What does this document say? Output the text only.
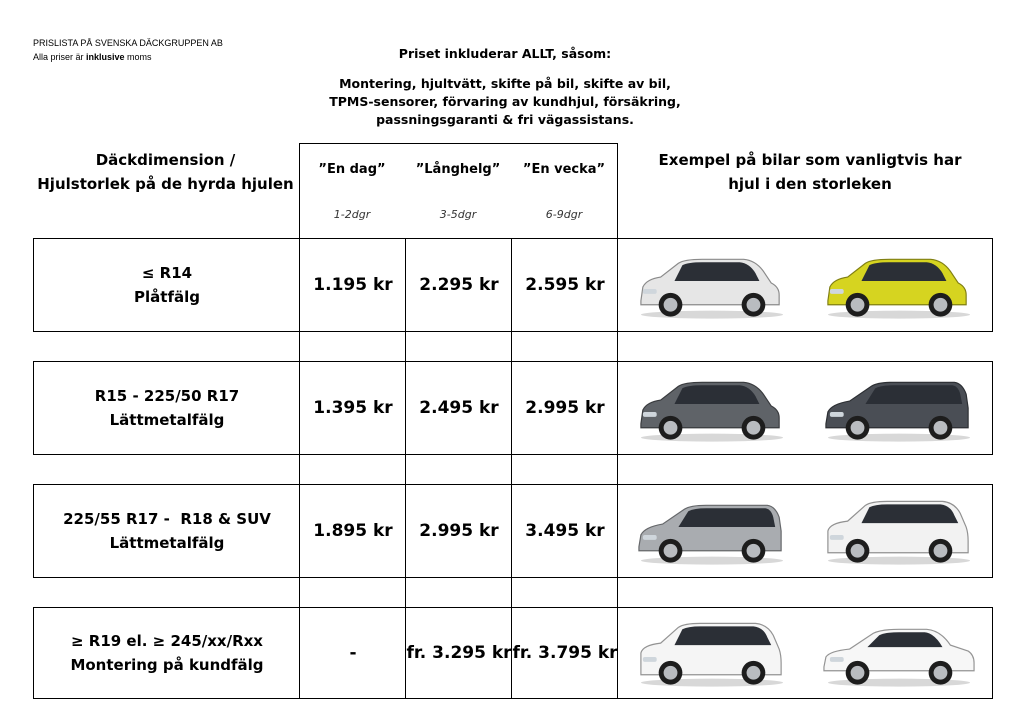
PRISLISTA PÅ SVENSKA DÄCKGRUPPEN AB
Alla priser är inklusive moms	Priset inkluderar ALLT, såsom:
Montering, hjultvätt, skifte på bil, skifte av bil,
TPMS-sensorer, förvaring av kundhjul, försäkring,
passningsgaranti & fri vägassistans.
Däckdimension /
Hjulstorlek på de hyrda hjulen
”En dag”
1-2dgr
”Långhelg”
3-5dgr
”En vecka”
6-9dgr
Exempel på bilar som vanligtvis har
hjul i den storleken
≤ R14
Plåtfälg
1.195 kr	2.295 kr	2.595 kr
R15 - 225/50 R17
Lättmetalfälg
1.395 kr	2.495 kr	2.995 kr
225/55 R17 -  R18 & SUV
Lättmetalfälg
1.895 kr	2.995 kr	3.495 kr
≥ R19 el. ≥ 245/xx/Rxx
Montering på kundfälg
-	fr. 3.295 kr fr. 3.795 kr
